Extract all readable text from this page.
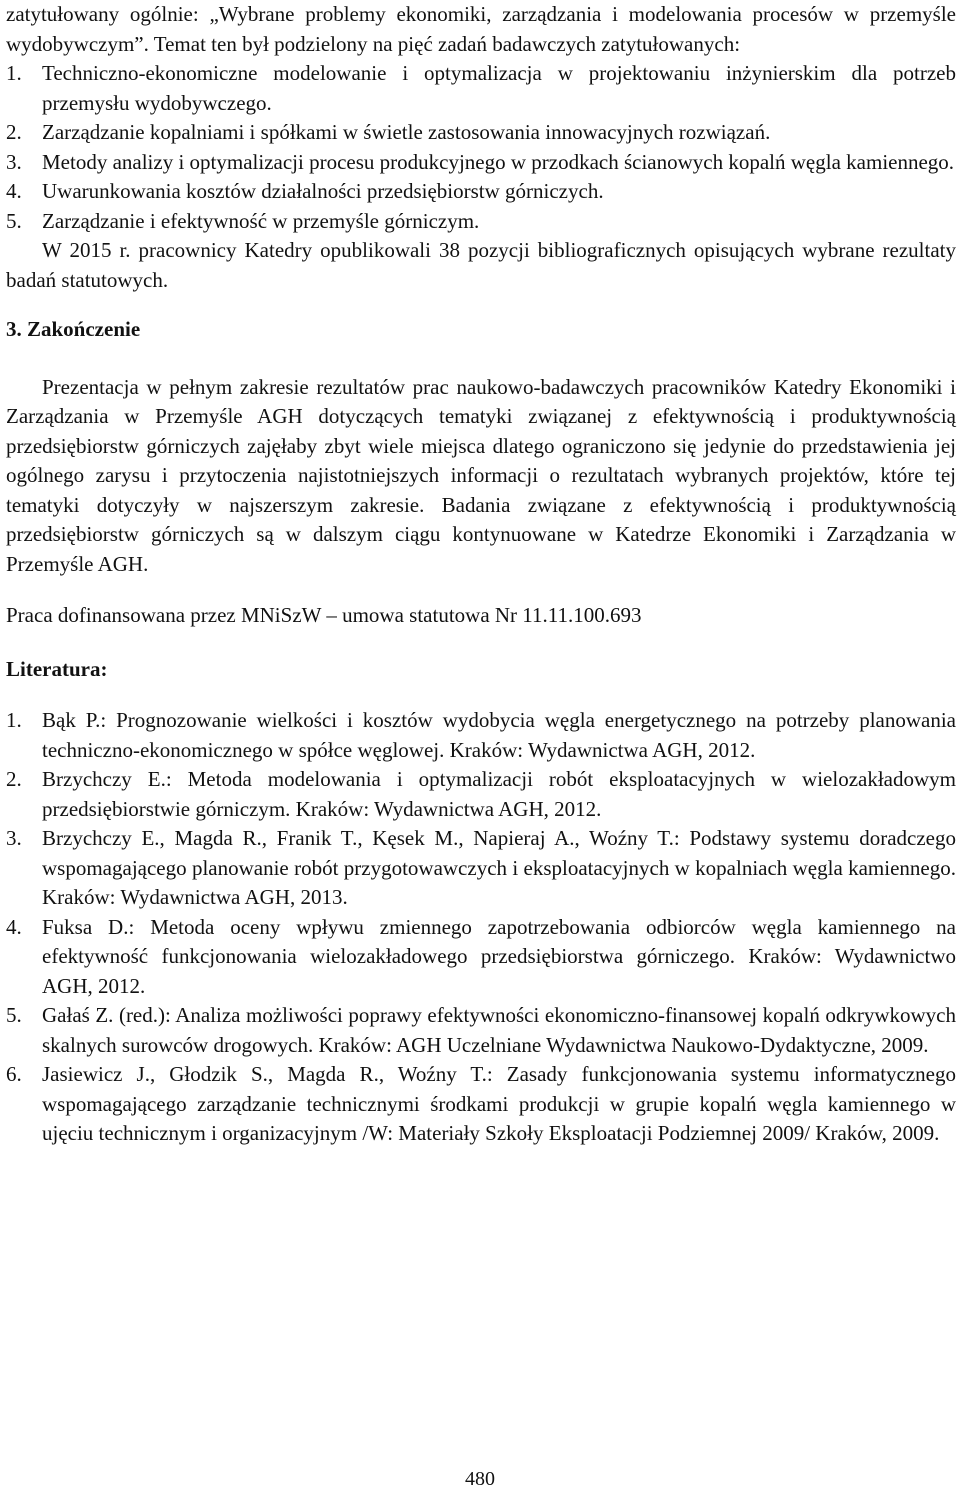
zatytułowany ogólnie: „Wybrane problemy ekonomiki, zarządzania i modelowania procesów w przemyśle wydobywczym”. Temat ten był podzielony na pięć zadań badawczych zatytułowanych:

1. Techniczno-ekonomiczne modelowanie i optymalizacja w projektowaniu inżynierskim dla potrzeb przemysłu wydobywczego.
2. Zarządzanie kopalniami i spółkami w świetle zastosowania innowacyjnych rozwiązań.
3. Metody analizy i optymalizacji procesu produkcyjnego w przodkach ścianowych kopalń węgla kamiennego.
4. Uwarunkowania kosztów działalności przedsiębiorstw górniczych.
5. Zarządzanie i efektywność w przemyśle górniczym.

W 2015 r. pracownicy Katedry opublikowali 38 pozycji bibliograficznych opisujących wybrane rezultaty badań statutowych.

3. Zakończenie

Prezentacja w pełnym zakresie rezultatów prac naukowo-badawczych pracowników Katedry Ekonomiki i Zarządzania w Przemyśle AGH dotyczących tematyki związanej z efektywnością i produktywnością przedsiębiorstw górniczych zajęłaby zbyt wiele miejsca dlatego ograniczono się jedynie do przedstawienia jej ogólnego zarysu i przytoczenia najistotniejszych informacji o rezultatach wybranych projektów, które tej tematyki dotyczyły w najszerszym zakresie. Badania związane z efektywnością i produktywnością przedsiębiorstw górniczych są w dalszym ciągu kontynuowane w Katedrze Ekonomiki i Zarządzania w Przemyśle AGH.

Praca dofinansowana przez MNiSzW – umowa statutowa Nr 11.11.100.693

Literatura:

1. Bąk P.: Prognozowanie wielkości i kosztów wydobycia węgla energetycznego na potrzeby planowania techniczno-ekonomicznego w spółce węglowej. Kraków: Wydawnictwa AGH, 2012.
2. Brzychczy E.: Metoda modelowania i optymalizacji robót eksploatacyjnych w wielozakładowym przedsiębiorstwie górniczym. Kraków: Wydawnictwa AGH, 2012.
3. Brzychczy E., Magda R., Franik T., Kęsek M., Napieraj A., Woźny T.: Podstawy systemu doradczego wspomagającego planowanie robót przygotowawczych i eksploatacyjnych w kopalniach węgla kamiennego. Kraków: Wydawnictwa AGH, 2013.
4. Fuksa D.: Metoda oceny wpływu zmiennego zapotrzebowania odbiorców węgla kamiennego na efektywność funkcjonowania wielozakładowego przedsiębiorstwa górniczego. Kraków: Wydawnictwo AGH, 2012.
5. Gałaś Z. (red.): Analiza możliwości poprawy efektywności ekonomiczno-finansowej kopalń odkrywkowych skalnych surowców drogowych. Kraków: AGH Uczelniane Wydawnictwa Naukowo-Dydaktyczne, 2009.
6. Jasiewicz J., Głodzik S., Magda R., Woźny T.: Zasady funkcjonowania systemu informatycznego wspomagającego zarządzanie technicznymi środkami produkcji w grupie kopalń węgla kamiennego w ujęciu technicznym i organizacyjnym /W: Materiały Szkoły Eksploatacji Podziemnej 2009/ Kraków, 2009.
480
